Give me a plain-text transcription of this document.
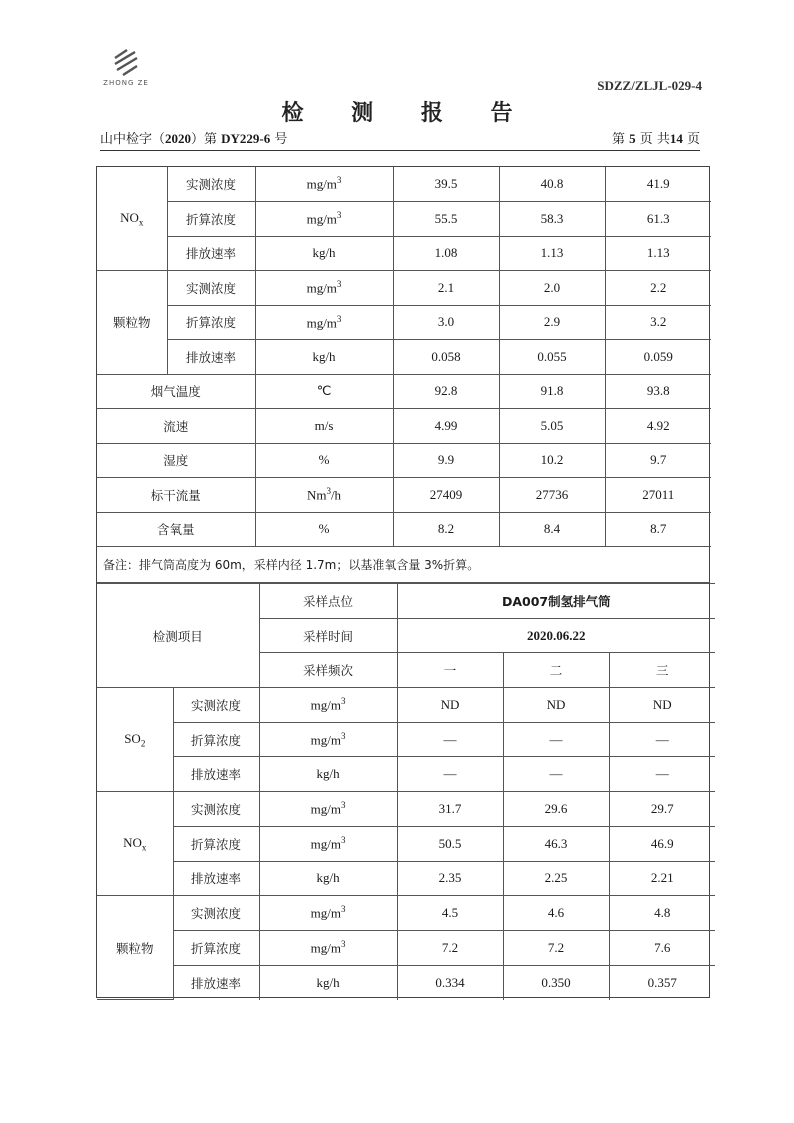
ZHONG ZE	SDZZ/ZLJL-029-4
检 测 报 告
山中检字（2020）第 DY229-6 号	第 5 页 共14 页
$NO_x$	实测浓度	$mg/m^3$	39.5	40.8	41.9
	折算浓度	$mg/m^3$	55.5	58.3	61.3
	排放速率	kg/h	1.08	1.13	1.13
颗粒物	实测浓度	$mg/m^3$	2.1	2.0	2.2
	折算浓度	$mg/m^3$	3.0	2.9	3.2
	排放速率	kg/h	0.058	0.055	0.059
烟气温度		℃	92.8	91.8	93.8
流速		m/s	4.99	5.05	4.92
湿度		%	9.9	10.2	9.7
标干流量		Nm$^3$/h	27409	27736	27011
含氧量		%	8.2	8.4	8.7
备注：排气筒高度为 60m，采样内径 1.7m；以基准氧含量 3%折算。
检测项目		采样点位	DA007制氢排气筒		
		采样时间	2020.06.22		
		采样频次	一	二	三
$SO_2$	实测浓度	$mg/m^3$	ND	ND	ND
	折算浓度	$mg/m^3$	—	—	—
	排放速率	kg/h	—	—	—
$NO_x$	实测浓度	$mg/m^3$	31.7	29.6	29.7
	折算浓度	$mg/m^3$	50.5	46.3	46.9
	排放速率	kg/h	2.35	2.25	2.21
颗粒物	实测浓度	$mg/m^3$	4.5	4.6	4.8
	折算浓度	$mg/m^3$	7.2	7.2	7.6
	排放速率	kg/h	0.334	0.350	0.357
